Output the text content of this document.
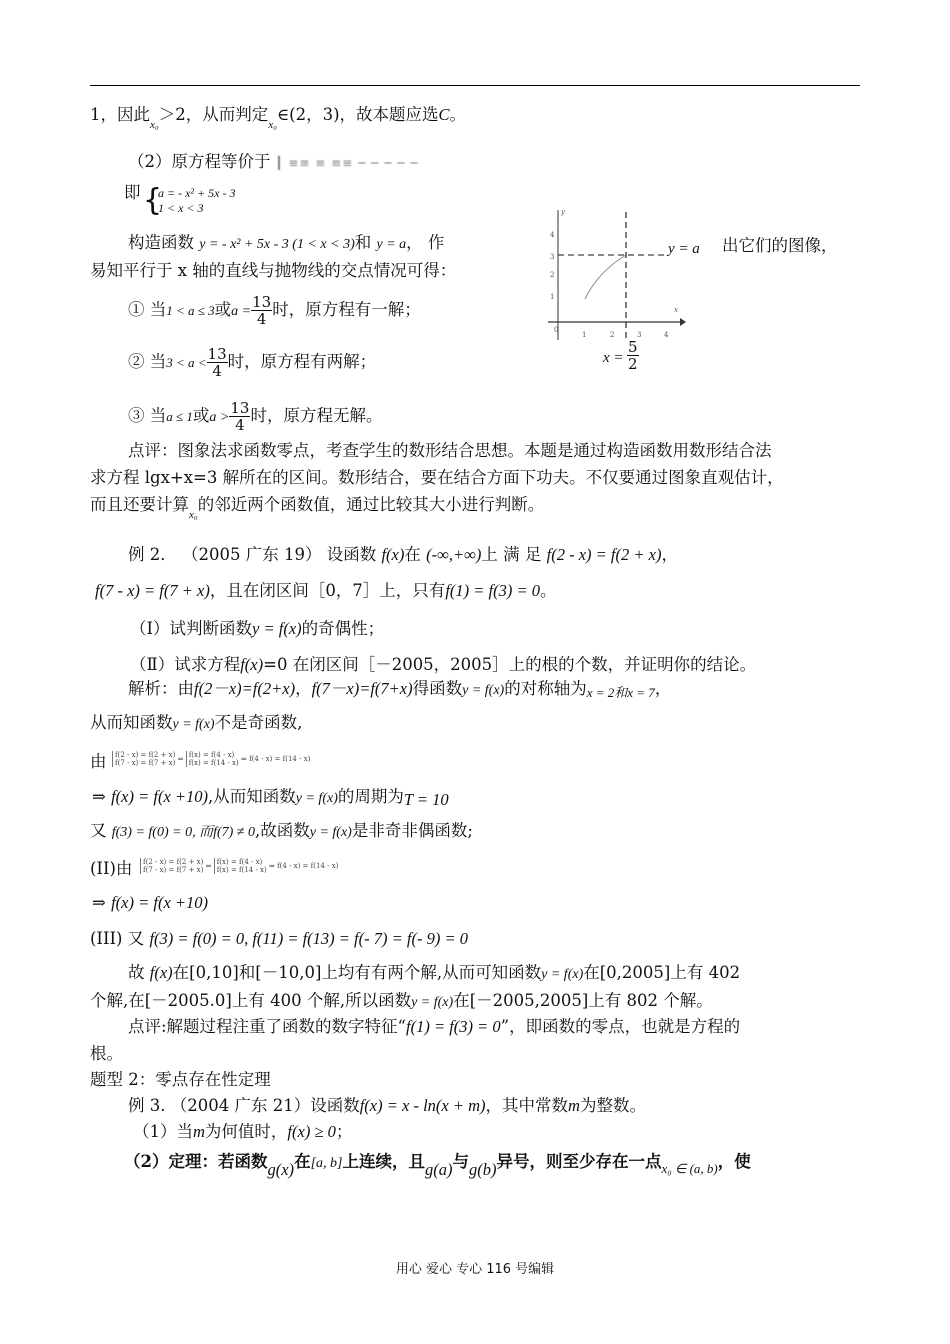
1，因此$_{x_0}$＞2，从而判定$_{x_0}$∈(2，3)，故本题应选C。
（2）原方程等价于 ┃ ≡≡ ≡ ≡≡ ─ ─ ─ ─ ─
即 {
a = - x² + 5x - 3
1 < x < 3
构造函数 y = - x² + 5x - 3 (1 < x < 3)和 y = a， 作	出它们的图像，
易知平行于 x 轴的直线与抛物线的交点情况可得：
① 当1 < a ≤ 3或$a = \frac{13}{4}$ 时，原方程有一解；
② 当$3 < a < \frac{13}{4}$ 时，原方程有两解；
③ 当a ≤ 1或$a > \frac{13}{4}$ 时，原方程无解。
y
x
0
1
2
3
4
1	2	3	4
y = a
$x = \frac{5}{2}$
点评：图象法求函数零点，考查学生的数形结合思想。本题是通过构造函数用数形结合法
求方程 lgx+x=3 解所在的区间。数形结合，要在结合方面下功夫。不仅要通过图象直观估计，
而且还要计算$_{x_0}$的邻近两个函数值，通过比较其大小进行判断。
例 2． （2005 广东 19） 设函数 f(x)在 (-∞,+∞)上 满 足 f(2 - x) = f(2 + x)，
f(7 - x) = f(7 + x)，且在闭区间［0，7］上，只有f(1) = f(3) = 0。
（Ⅰ）试判断函数y = f(x)的奇偶性；
（Ⅱ）试求方程f(x)=0 在闭区间［－2005，2005］上的根的个数，并证明你的结论。
解析：由f(2－x)=f(2+x)，f(7－x)=f(7+x)得函数y = f(x)的对称轴为x = 2和x = 7，
从而知函数y = f(x)不是奇函数,
由 f(2 - x) = f(2 + x)
f(7 - x) = f(7 + x) ⇒ f(x) = f(4 - x)
f(x) = f(14 - x) ⇒ f(4 - x) = f(14 - x)
⇒ f(x) = f(x +10),从而知函数y = f(x)的周期为T = 10
又 f(3) = f(0) = 0, 而f(7) ≠ 0,故函数y = f(x)是非奇非偶函数;
(II)由 f(2 - x) = f(2 + x)
f(7 - x) = f(7 + x) ⇒ f(x) = f(4 - x)
f(x) = f(14 - x) ⇒ f(4 - x) = f(14 - x)
⇒ f(x) = f(x +10)
(III) 又 f(3) = f(0) = 0, f(11) = f(13) = f(- 7) = f(- 9) = 0
故 f(x)在[0,10]和[－10,0]上均有有两个解,从而可知函数y = f(x)在[0,2005]上有 402
个解,在[－2005.0]上有 400 个解,所以函数y = f(x)在[－2005,2005]上有 802 个解。
点评:解题过程注重了函数的数字特征“f(1) = f(3) = 0”，即函数的零点，也就是方程的
根。
题型 2：零点存在性定理
例 3. （2004 广东 21）设函数f(x) = x - ln(x + m)，其中常数m为整数。
（1）当m为何值时，f(x) ≥ 0；
（2）定理：若函数g(x)在[a, b]上连续，且g(a)与g(b)异号，则至少存在一点$_{x_0 \in (a, b)}$，使
用心 爱心 专心 116 号编辑
